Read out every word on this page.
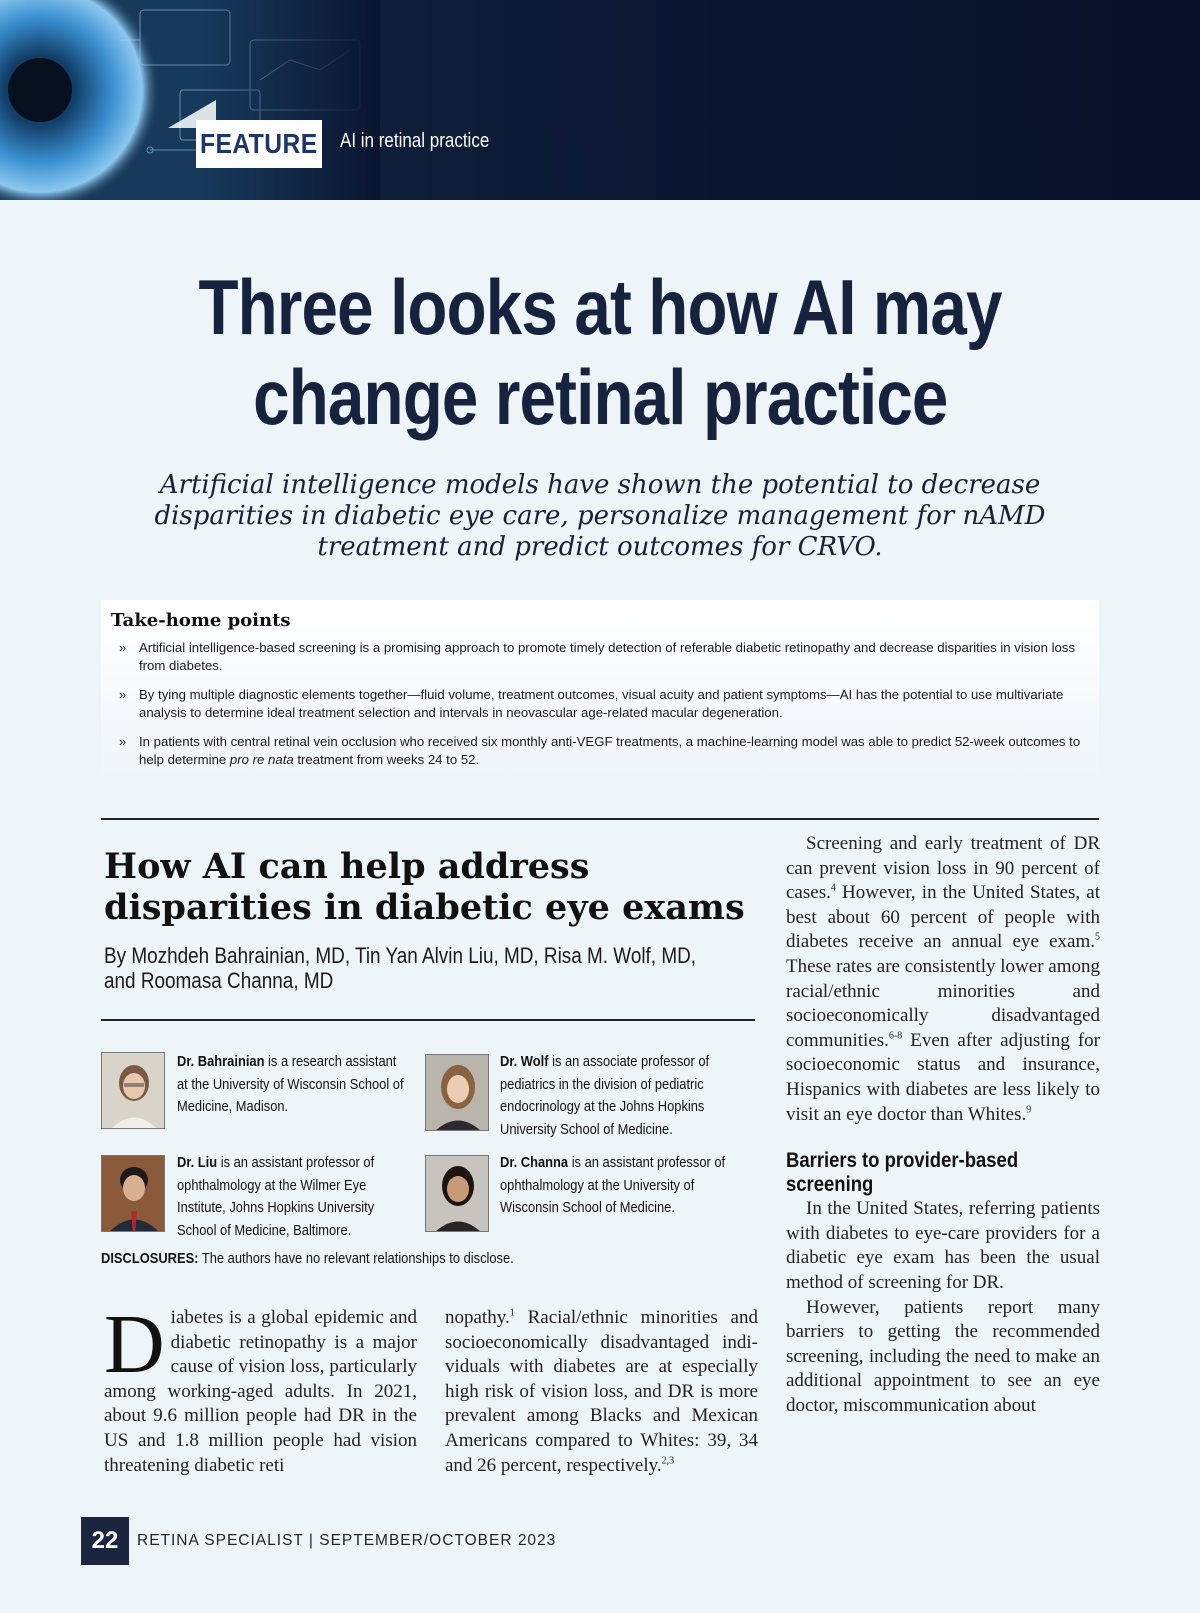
FEATURE AI in retinal practice
Three looks at how AI may
change retinal practice
Artificial intelligence models have shown the potential to decrease disparities in diabetic eye care, personalize management for nAMD treatment and predict outcomes for CRVO.
Take-home points
» Artificial intelligence-based screening is a promising approach to promote timely detection of referable diabetic retinopathy and decrease disparities in vision loss from diabetes.
» By tying multiple diagnostic elements together—fluid volume, treatment outcomes, visual acuity and patient symptoms—AI has the potential to use multivariate analysis to determine ideal treatment selection and intervals in neovascular age-related macular degeneration.
» In patients with central retinal vein occlusion who received six monthly anti-VEGF treatments, a machine-learning model was able to predict 52-week outcomes to help determine pro re nata treatment from weeks 24 to 52.
How AI can help address
disparities in diabetic eye exams
By Mozhdeh Bahrainian, MD, Tin Yan Alvin Liu, MD, Risa M. Wolf, MD,
and Roomasa Channa, MD
Dr. Bahrainian is a research assistant at the University of Wisconsin School of Medicine, Madison.
Dr. Wolf is an associate professor of pediatrics in the division of pediatric endocrinology at the Johns Hopkins University School of Medicine.
Dr. Liu is an assistant professor of ophthalmology at the Wilmer Eye Institute, Johns Hopkins University School of Medicine, Baltimore.
Dr. Channa is an assistant professor of ophthalmology at the University of Wisconsin School of Medicine.
DISCLOSURES: The authors have no relevant relationships to disclose.

Diabetes is a global epidemic and diabetic retinopathy is a major cause of vision loss, particularly among working-aged adults. In 2021, about 9.6 million people had DR in the US and 1.8 million people had vision threatening diabetic reti

nopathy.$^1$ Racial/ethnic minorities and socioeconomically disadvantaged individuals with diabetes are at especially high risk of vision loss, and DR is more prevalent among Blacks and Mexican Americans compared to Whites: 39, 34 and 26 percent, respectively.$^{2,3}$

Screening and early treatment of DR can prevent vision loss in 90 percent of cases.$^4$ However, in the United States, at best about 60 percent of people with diabetes receive an annual eye exam.$^5$ These rates are consistently lower among racial/ethnic minorities and socioeconomically disadvantaged communities.$^{6-8}$ Even after adjusting for socioeconomic status and insurance, Hispanics with diabetes are less likely to visit an eye doctor than Whites.$^9$

Barriers to provider-based
screening

In the United States, referring patients with diabetes to eye-care providers for a diabetic eye exam has been the usual method of screening for DR.

However, patients report many barriers to getting the recommended screening, including the need to make an additional appointment to see an eye doctor, miscommunication about

22	RETINA SPECIALIST | SEPTEMBER/OCTOBER 2023
